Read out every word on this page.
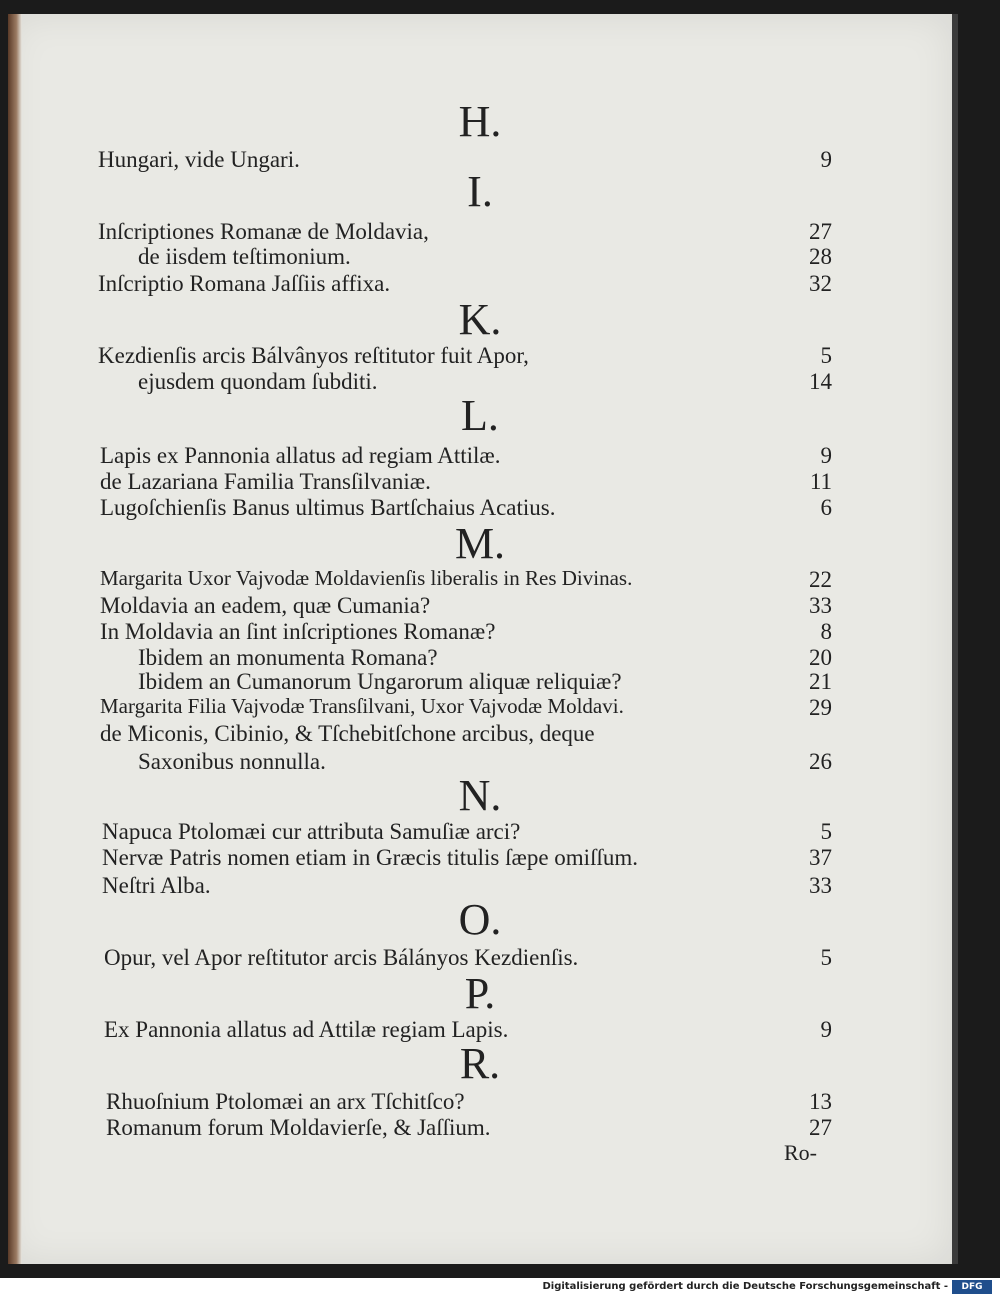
H.
Hungari, vide Ungari.	9
I.
Inſcriptiones Romanæ de Moldavia,	27
de iisdem teſtimonium.	28
Inſcriptio Romana Jaſſiis affixa.	32
K.
Kezdienſis arcis Bálvânyos reſtitutor fuit Apor,	5
ejusdem quondam ſubditi.	14
L.
Lapis ex Pannonia allatus ad regiam Attilæ.	9
de Lazariana Familia Transſilvaniæ.	11
Lugoſchienſis Banus ultimus Bartſchaius Acatius.	6
M.
Margarita Uxor Vajvodæ Moldavienſis liberalis in Res Divinas.	22
Moldavia an eadem, quæ Cumania?	33
In Moldavia an ſint inſcriptiones Romanæ?	8
Ibidem an monumenta Romana?	20
Ibidem an Cumanorum Ungarorum aliquæ reliquiæ?	21
Margarita Filia Vajvodæ Transſilvani, Uxor Vajvodæ Moldavi.	29
de Miconis, Cibinio, & Tſchebitſchone arcibus, deque
Saxonibus nonnulla.	26
N.
Napuca Ptolomæi cur attributa Samuſiæ arci?	5
Nervæ Patris nomen etiam in Græcis titulis ſæpe omiſſum.	37
Neſtri Alba.	33
O.
Opur, vel Apor reſtitutor arcis Bálányos Kezdienſis.	5
P.
Ex Pannonia allatus ad Attilæ regiam Lapis.	9
R.
Rhuoſnium Ptolomæi an arx Tſchitſco?	13
Romanum forum Moldavierſe, & Jaſſium.	27
Ro-
Digitalisierung gefördert durch die Deutsche Forschungsgemeinschaft -	DFG
